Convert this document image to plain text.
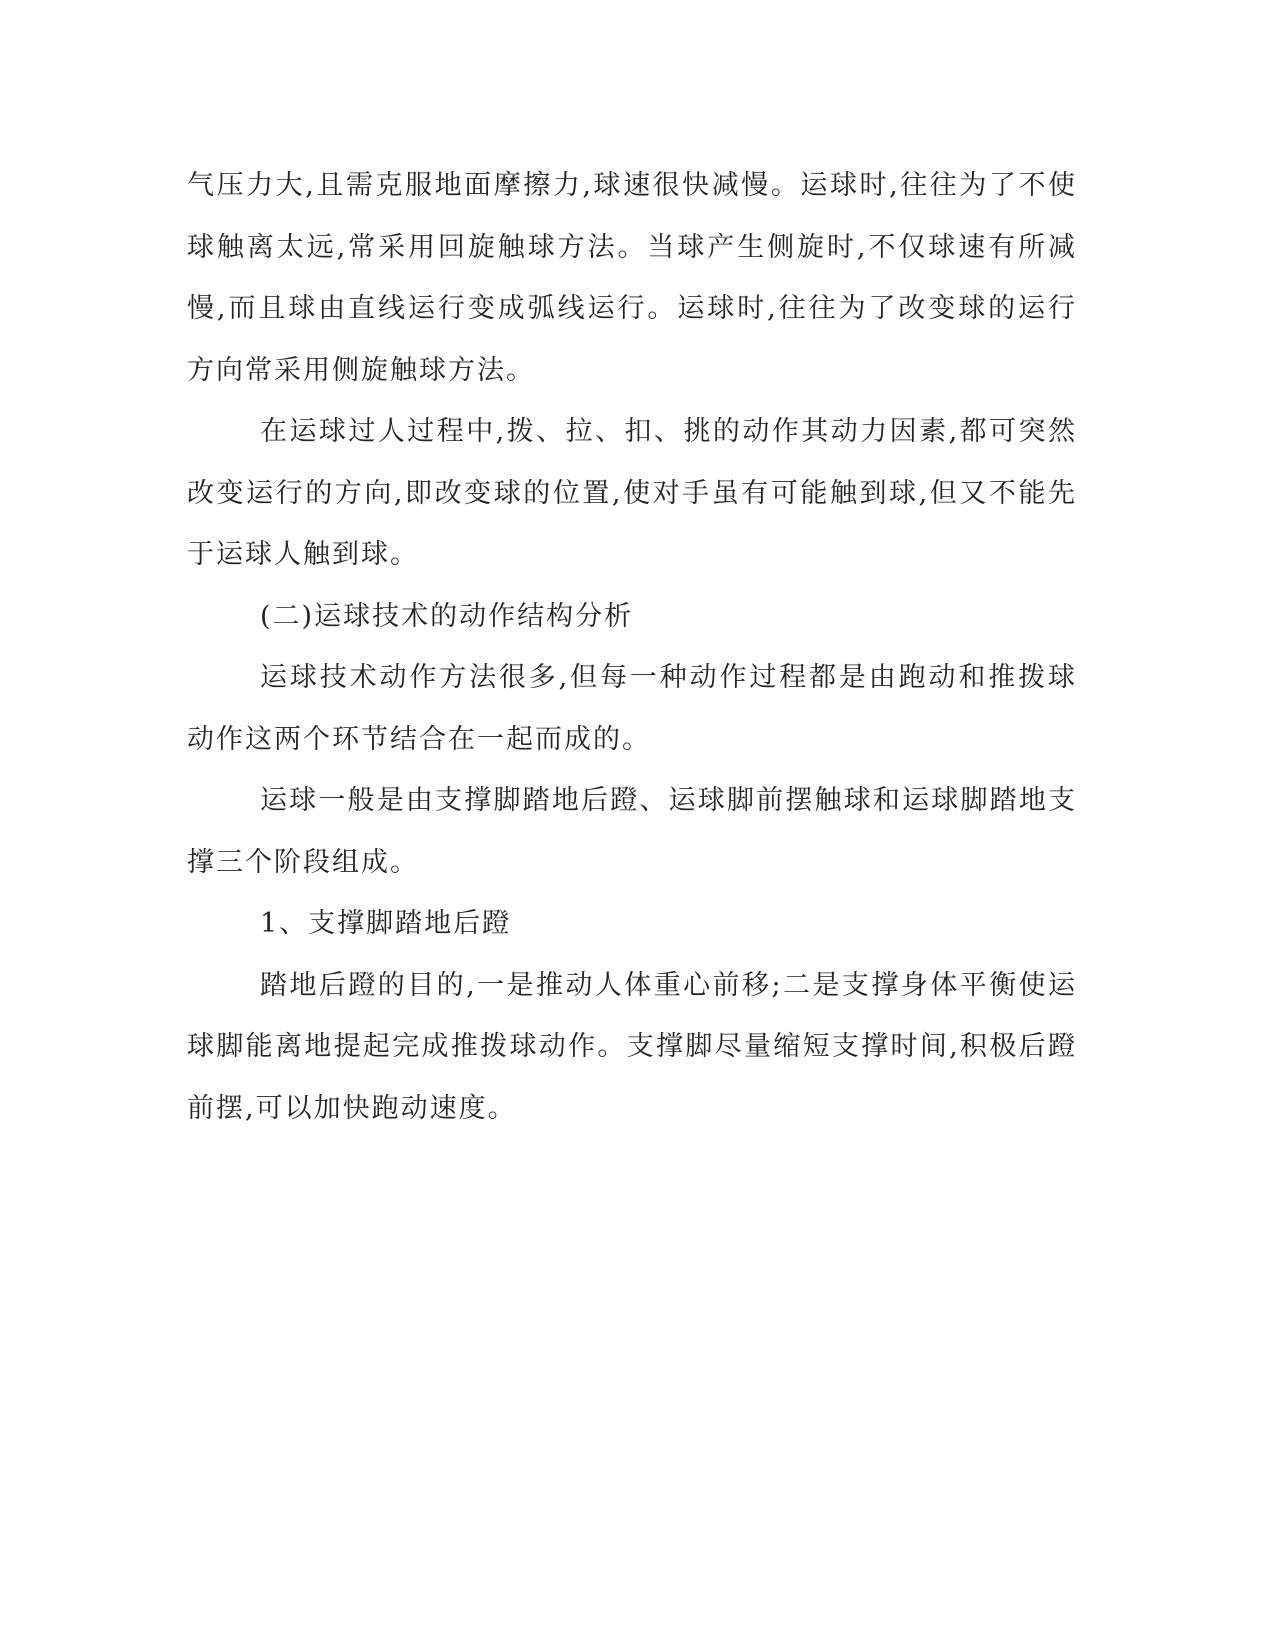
气压力大,且需克服地面摩擦力,球速很快减慢。运球时,往往为了不使球触离太远,常采用回旋触球方法。当球产生侧旋时,不仅球速有所减慢,而且球由直线运行变成弧线运行。运球时,往往为了改变球的运行方向常采用侧旋触球方法。

在运球过人过程中,拨、拉、扣、挑的动作其动力因素,都可突然改变运行的方向,即改变球的位置,使对手虽有可能触到球,但又不能先于运球人触到球。

(二)运球技术的动作结构分析

运球技术动作方法很多,但每一种动作过程都是由跑动和推拨球动作这两个环节结合在一起而成的。

运球一般是由支撑脚踏地后蹬、运球脚前摆触球和运球脚踏地支撑三个阶段组成。

1、支撑脚踏地后蹬

踏地后蹬的目的,一是推动人体重心前移;二是支撑身体平衡使运球脚能离地提起完成推拨球动作。支撑脚尽量缩短支撑时间,积极后蹬前摆,可以加快跑动速度。
